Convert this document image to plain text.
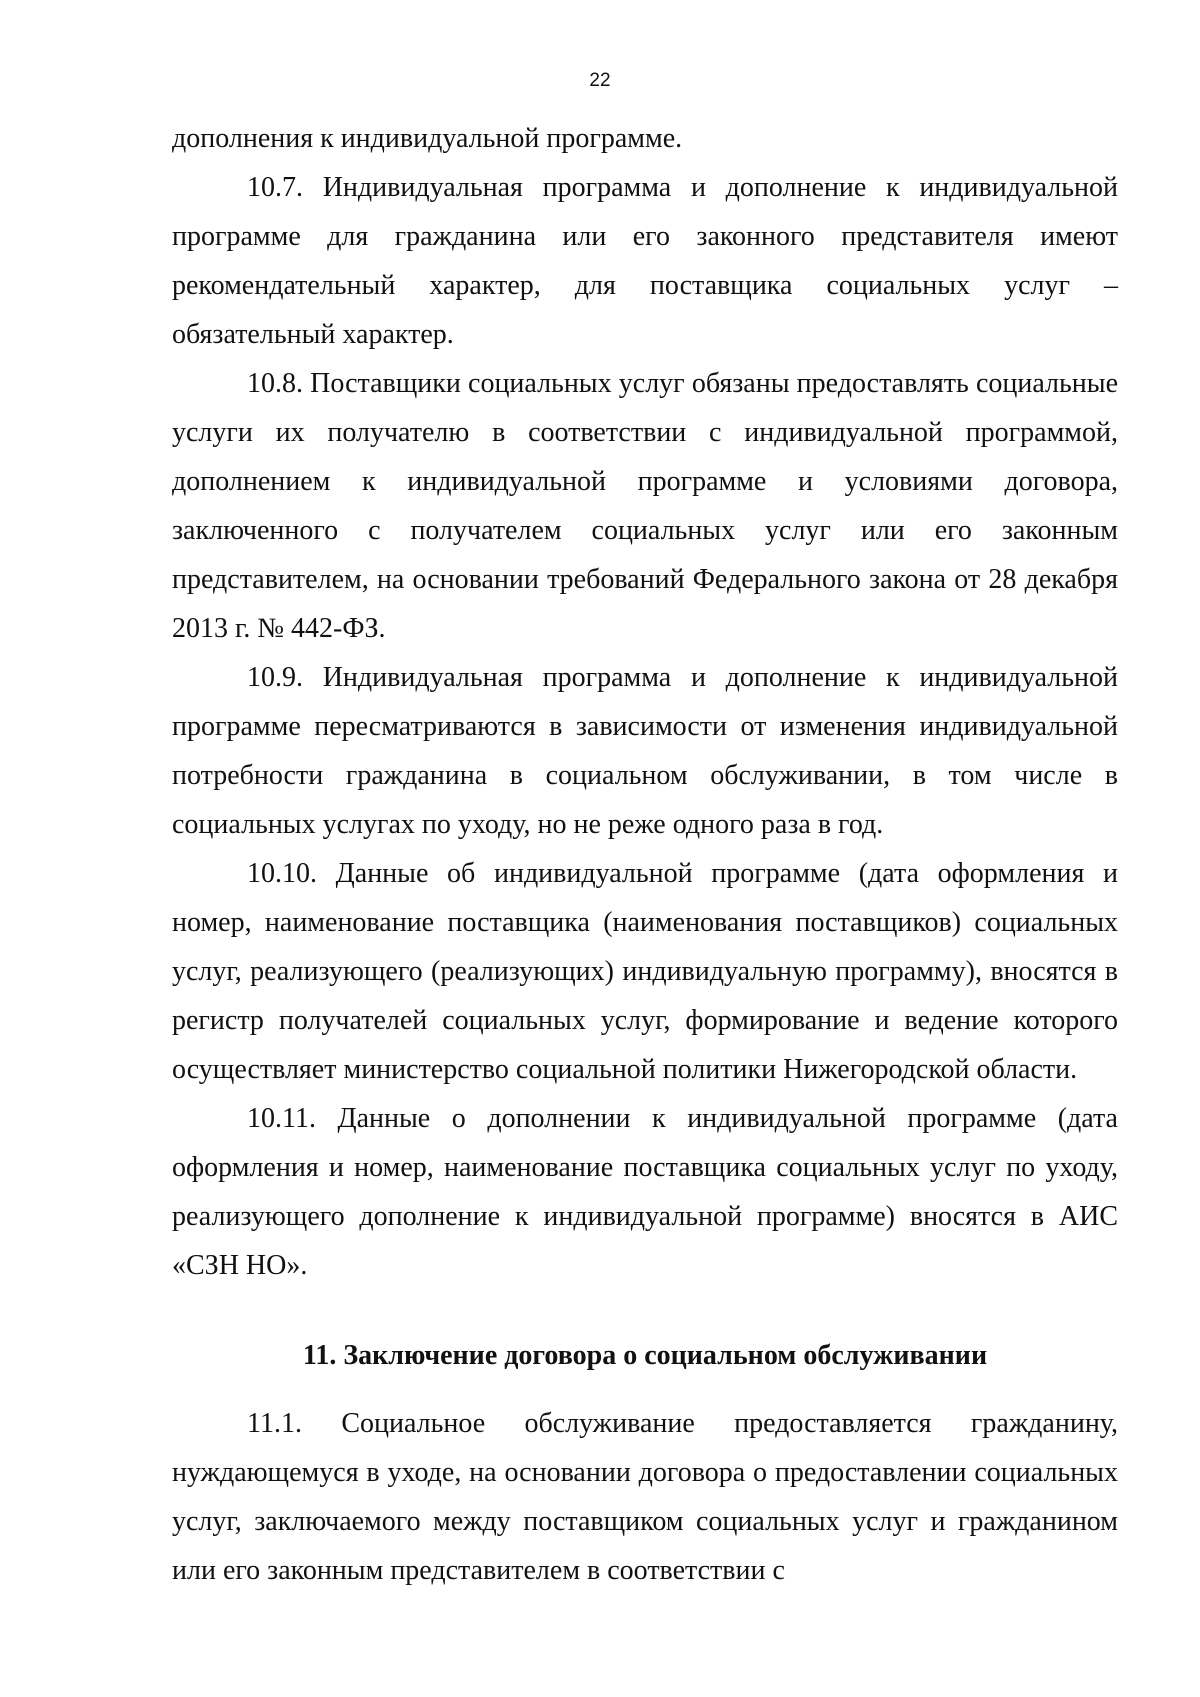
22

дополнения к индивидуальной программе.

10.7. Индивидуальная программа и дополнение к индивидуальной программе для гражданина или его законного представителя имеют рекомендательный характер, для поставщика социальных услуг – обязательный характер.

10.8. Поставщики социальных услуг обязаны предоставлять социальные услуги их получателю в соответствии с индивидуальной программой, дополнением к индивидуальной программе и условиями договора, заключенного с получателем социальных услуг или его законным представителем, на основании требований Федерального закона от 28 декабря 2013 г. № 442-ФЗ.

10.9. Индивидуальная программа и дополнение к индивидуальной программе пересматриваются в зависимости от изменения индивидуальной потребности гражданина в социальном обслуживании, в том числе в социальных услугах по уходу, но не реже одного раза в год.

10.10. Данные об индивидуальной программе (дата оформления и номер, наименование поставщика (наименования поставщиков) социальных услуг, реализующего (реализующих) индивидуальную программу), вносятся в регистр получателей социальных услуг, формирование и ведение которого осуществляет министерство социальной политики Нижегородской области.

10.11. Данные о дополнении к индивидуальной программе (дата оформления и номер, наименование поставщика социальных услуг по уходу, реализующего дополнение к индивидуальной программе) вносятся в АИС «СЗН НО».

11. Заключение договора о социальном обслуживании

11.1. Социальное обслуживание предоставляется гражданину, нуждающемуся в уходе, на основании договора о предоставлении социальных услуг, заключаемого между поставщиком социальных услуг и гражданином или его законным представителем в соответствии с
